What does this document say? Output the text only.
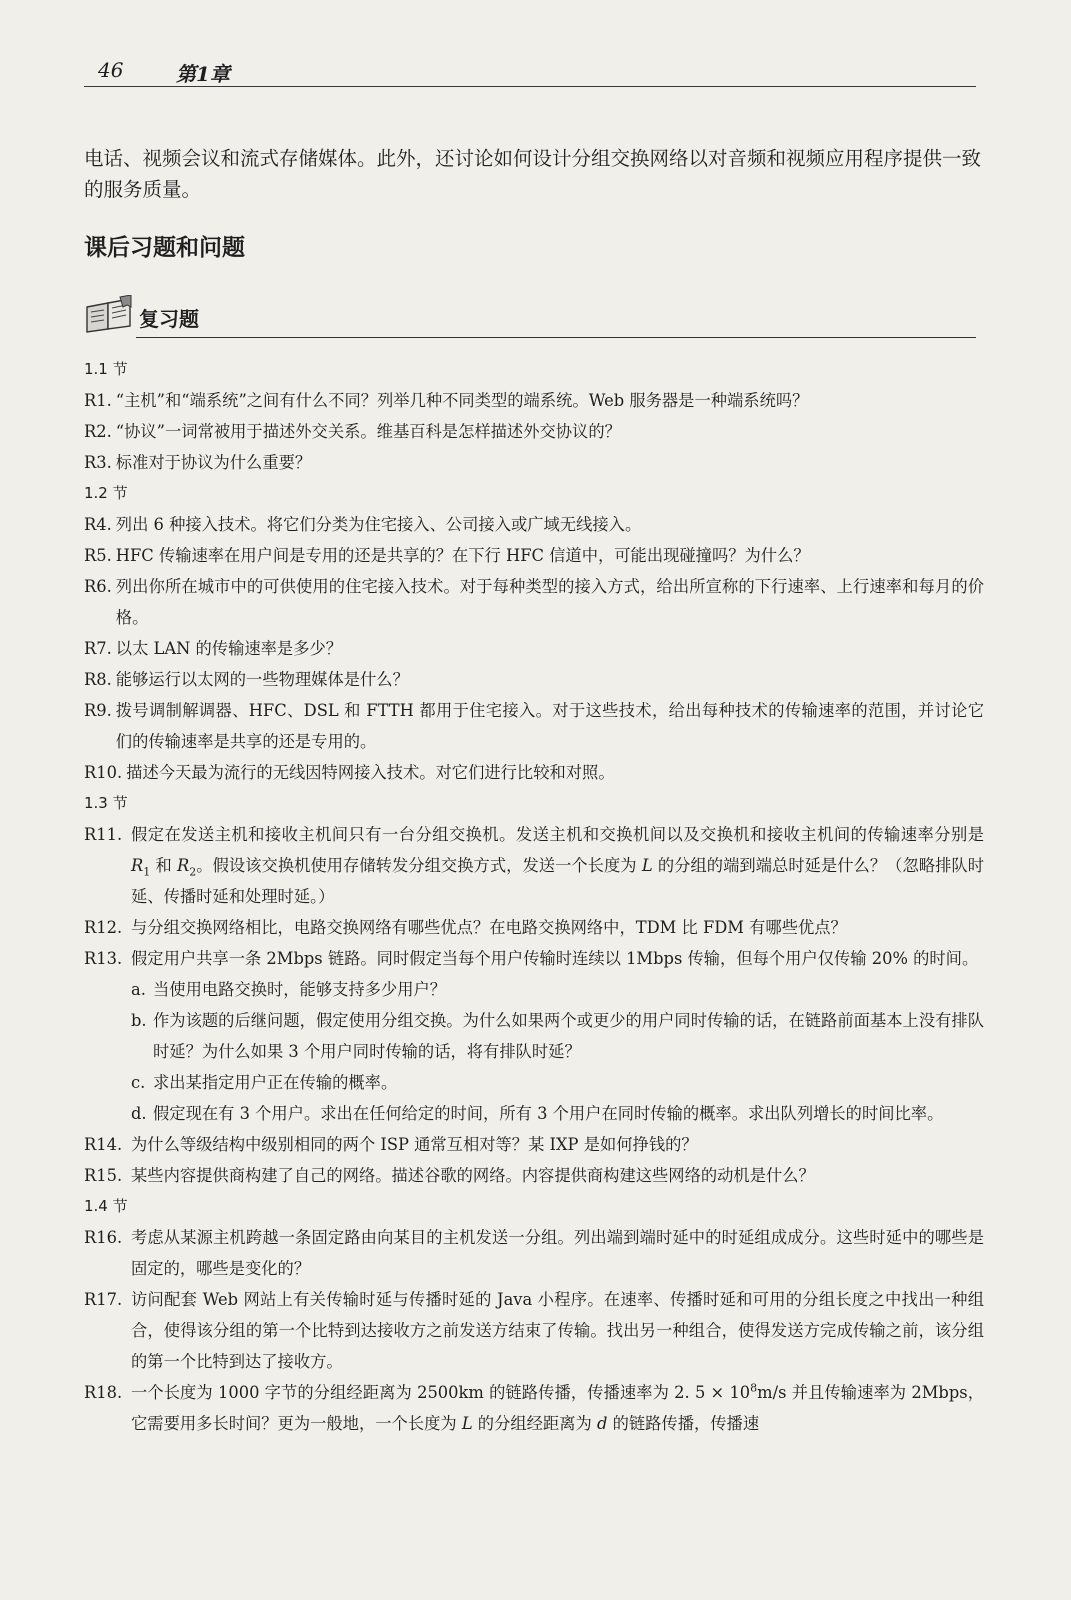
46	第1章
电话、视频会议和流式存储媒体。此外，还讨论如何设计分组交换网络以对音频和视频应用程序提供一致的服务质量。
课后习题和问题
复习题
1.1 节
R1. “主机”和“端系统”之间有什么不同？列举几种不同类型的端系统。Web 服务器是一种端系统吗？
R2. “协议”一词常被用于描述外交关系。维基百科是怎样描述外交协议的？
R3. 标准对于协议为什么重要？
1.2 节
R4. 列出 6 种接入技术。将它们分类为住宅接入、公司接入或广域无线接入。
R5. HFC 传输速率在用户间是专用的还是共享的？在下行 HFC 信道中，可能出现碰撞吗？为什么？
R6. 列出你所在城市中的可供使用的住宅接入技术。对于每种类型的接入方式，给出所宣称的下行速率、上行速率和每月的价格。
R7. 以太 LAN 的传输速率是多少？
R8. 能够运行以太网的一些物理媒体是什么？
R9. 拨号调制解调器、HFC、DSL 和 FTTH 都用于住宅接入。对于这些技术，给出每种技术的传输速率的范围，并讨论它们的传输速率是共享的还是专用的。
R10. 描述今天最为流行的无线因特网接入技术。对它们进行比较和对照。
1.3 节
R11. 假定在发送主机和接收主机间只有一台分组交换机。发送主机和交换机间以及交换机和接收主机间的传输速率分别是 $R_1$ 和 $R_2$。假设该交换机使用存储转发分组交换方式，发送一个长度为 L 的分组的端到端总时延是什么？（忽略排队时延、传播时延和处理时延。）
R12. 与分组交换网络相比，电路交换网络有哪些优点？在电路交换网络中，TDM 比 FDM 有哪些优点？
R13. 假定用户共享一条 2Mbps 链路。同时假定当每个用户传输时连续以 1Mbps 传输，但每个用户仅传输 20% 的时间。
a. 当使用电路交换时，能够支持多少用户？
b. 作为该题的后继问题，假定使用分组交换。为什么如果两个或更少的用户同时传输的话，在链路前面基本上没有排队时延？为什么如果 3 个用户同时传输的话，将有排队时延？
c. 求出某指定用户正在传输的概率。
d. 假定现在有 3 个用户。求出在任何给定的时间，所有 3 个用户在同时传输的概率。求出队列增长的时间比率。
R14. 为什么等级结构中级别相同的两个 ISP 通常互相对等？某 IXP 是如何挣钱的？
R15. 某些内容提供商构建了自己的网络。描述谷歌的网络。内容提供商构建这些网络的动机是什么？
1.4 节
R16. 考虑从某源主机跨越一条固定路由向某目的主机发送一分组。列出端到端时延中的时延组成成分。这些时延中的哪些是固定的，哪些是变化的？
R17. 访问配套 Web 网站上有关传输时延与传播时延的 Java 小程序。在速率、传播时延和可用的分组长度之中找出一种组合，使得该分组的第一个比特到达接收方之前发送方结束了传输。找出另一种组合，使得发送方完成传输之前，该分组的第一个比特到达了接收方。
R18. 一个长度为 1000 字节的分组经距离为 2500km 的链路传播，传播速率为 2. $5 \times 10^8m/s$ 并且传输速率为 2Mbps，它需要用多长时间？更为一般地，一个长度为 L 的分组经距离为 d 的链路传播，传播速
